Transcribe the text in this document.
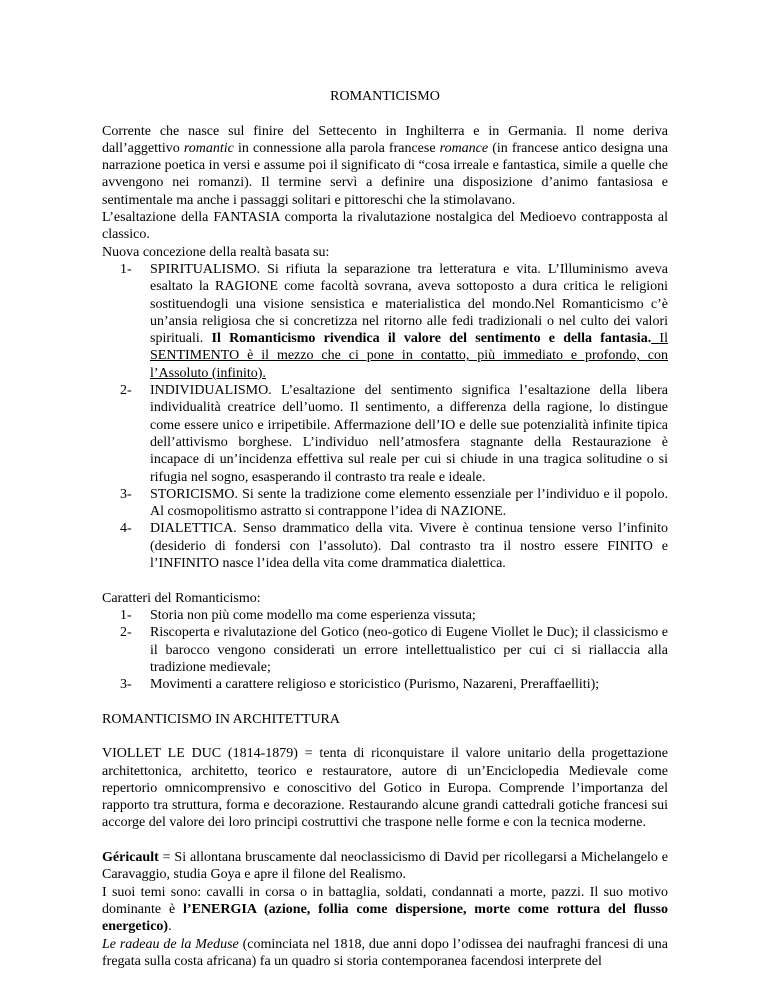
ROMANTICISMO

Corrente che nasce sul finire del Settecento in Inghilterra e in Germania. Il nome deriva dall’aggettivo romantic in connessione alla parola francese romance (in francese antico designa una narrazione poetica in versi e assume poi il significato di “cosa irreale e fantastica, simile a quelle che avvengono nei romanzi). Il termine servì a definire una disposizione d’animo fantasiosa e sentimentale ma anche i passaggi solitari e pittoreschi che la stimolavano.

L’esaltazione della FANTASIA comporta la rivalutazione nostalgica del Medioevo contrapposta al classico.

Nuova concezione della realtà basata su:

1- SPIRITUALISMO. Si rifiuta la separazione tra letteratura e vita. L’Illuminismo aveva esaltato la RAGIONE come facoltà sovrana, aveva sottoposto a dura critica le religioni sostituendogli una visione sensistica e materialistica del mondo.Nel Romanticismo c’è un’ansia religiosa che si concretizza nel ritorno alle fedi tradizionali o nel culto dei valori spirituali. Il Romanticismo rivendica il valore del sentimento e della fantasia. Il SENTIMENTO è il mezzo che ci pone in contatto, più immediato e profondo, con l’Assoluto (infinito).
2- INDIVIDUALISMO. L’esaltazione del sentimento significa l’esaltazione della libera individualità creatrice dell’uomo. Il sentimento, a differenza della ragione, lo distingue come essere unico e irripetibile. Affermazione dell’IO e delle sue potenzialità infinite tipica dell’attivismo borghese. L’individuo nell’atmosfera stagnante della Restaurazione è incapace di un’incidenza effettiva sul reale per cui si chiude in una tragica solitudine o si rifugia nel sogno, esasperando il contrasto tra reale e ideale.
3- STORICISMO. Si sente la tradizione come elemento essenziale per l’individuo e il popolo. Al cosmopolitismo astratto si contrappone l’idea di NAZIONE.
4- DIALETTICA. Senso drammatico della vita. Vivere è continua tensione verso l’infinito (desiderio di fondersi con l’assoluto). Dal contrasto tra il nostro essere FINITO e l’INFINITO nasce l’idea della vita come drammatica dialettica.

Caratteri del Romanticismo:

1- Storia non più come modello ma come esperienza vissuta;
2- Riscoperta e rivalutazione del Gotico (neo-gotico di Eugene Viollet le Duc); il classicismo e il barocco vengono considerati un errore intellettualistico per cui ci si riallaccia alla tradizione medievale;
3- Movimenti a carattere religioso e storicistico (Purismo, Nazareni, Preraffaelliti);

ROMANTICISMO IN ARCHITETTURA

VIOLLET LE DUC (1814-1879) = tenta di riconquistare il valore unitario della progettazione architettonica, architetto, teorico e restauratore, autore di un’Enciclopedia Medievale come repertorio omnicomprensivo e conoscitivo del Gotico in Europa. Comprende l’importanza del rapporto tra struttura, forma e decorazione. Restaurando alcune grandi cattedrali gotiche francesi sui accorge del valore dei loro principi costruttivi che traspone nelle forme e con la tecnica moderne.

Géricault = Si allontana bruscamente dal neoclassicismo di David per ricollegarsi a Michelangelo e Caravaggio, studia Goya e apre il filone del Realismo.

I suoi temi sono: cavalli in corsa o in battaglia, soldati, condannati a morte, pazzi. Il suo motivo dominante è l’ENERGIA (azione, follia come dispersione, morte come rottura del flusso energetico).

Le radeau de la Meduse (cominciata nel 1818, due anni dopo l’odissea dei naufraghi francesi di una fregata sulla costa africana) fa un quadro si storia contemporanea facendosi interprete del
